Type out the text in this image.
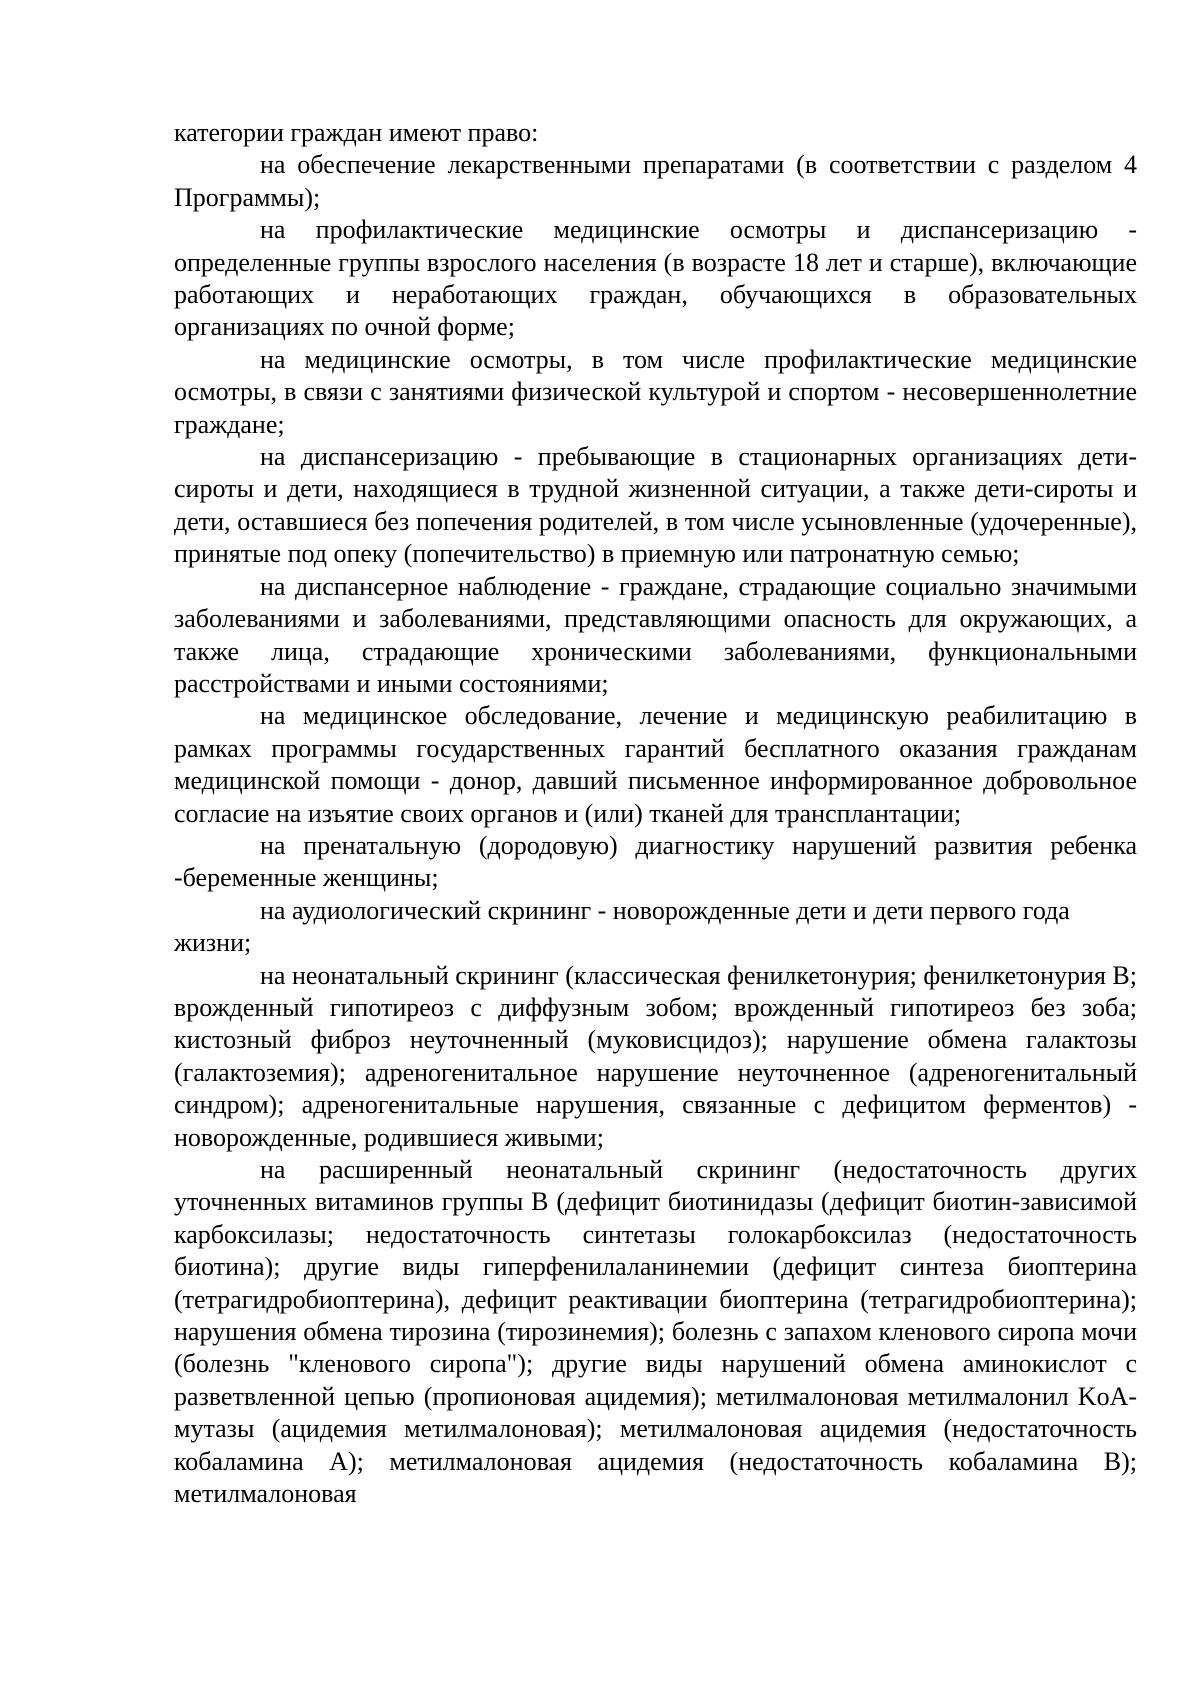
категории граждан имеют право:

на обеспечение лекарственными препаратами (в соответствии с разделом 4 Программы);

на профилактические медицинские осмотры и диспансеризацию - определенные группы взрослого населения (в возрасте 18 лет и старше), включающие работающих и неработающих граждан, обучающихся в образовательных организациях по очной форме;

на медицинские осмотры, в том числе профилактические медицинские осмотры, в связи с занятиями физической культурой и спортом - несовершеннолетние граждане;

на диспансеризацию - пребывающие в стационарных организациях дети-сироты и дети, находящиеся в трудной жизненной ситуации, а также дети-сироты и дети, оставшиеся без попечения родителей, в том числе усыновленные (удочеренные), принятые под опеку (попечительство) в приемную или патронатную семью;

на диспансерное наблюдение - граждане, страдающие социально значимыми заболеваниями и заболеваниями, представляющими опасность для окружающих, а также лица, страдающие хроническими заболеваниями, функциональными расстройствами и иными состояниями;

на медицинское обследование, лечение и медицинскую реабилитацию в рамках программы государственных гарантий бесплатного оказания гражданам медицинской помощи - донор, давший письменное информированное добровольное согласие на изъятие своих органов и (или) тканей для трансплантации;

на пренатальную (дородовую) диагностику нарушений развития ребенка -беременные женщины;

на аудиологический скрининг - новорожденные дети и дети первого года жизни;

на неонатальный скрининг (классическая фенилкетонурия; фенилкетонурия B; врожденный гипотиреоз с диффузным зобом; врожденный гипотиреоз без зоба; кистозный фиброз неуточненный (муковисцидоз); нарушение обмена галактозы (галактоземия); адреногенитальное нарушение неуточненное (адреногенитальный синдром); адреногенитальные нарушения, связанные с дефицитом ферментов) - новорожденные, родившиеся живыми;

на расширенный неонатальный скрининг (недостаточность других уточненных витаминов группы B (дефицит биотинидазы (дефицит биотин-зависимой карбоксилазы; недостаточность синтетазы голокарбоксилаз (недостаточность биотина); другие виды гиперфенилаланинемии (дефицит синтеза биоптерина (тетрагидробиоптерина), дефицит реактивации биоптерина (тетрагидробиоптерина); нарушения обмена тирозина (тирозинемия); болезнь с запахом кленового сиропа мочи (болезнь "кленового сиропа"); другие виды нарушений обмена аминокислот с разветвленной цепью (пропионовая ацидемия); метилмалоновая метилмалонил KoA-мутазы (ацидемия метилмалоновая); метилмалоновая ацидемия (недостаточность кобаламина A); метилмалоновая ацидемия (недостаточность кобаламина B); метилмалоновая
